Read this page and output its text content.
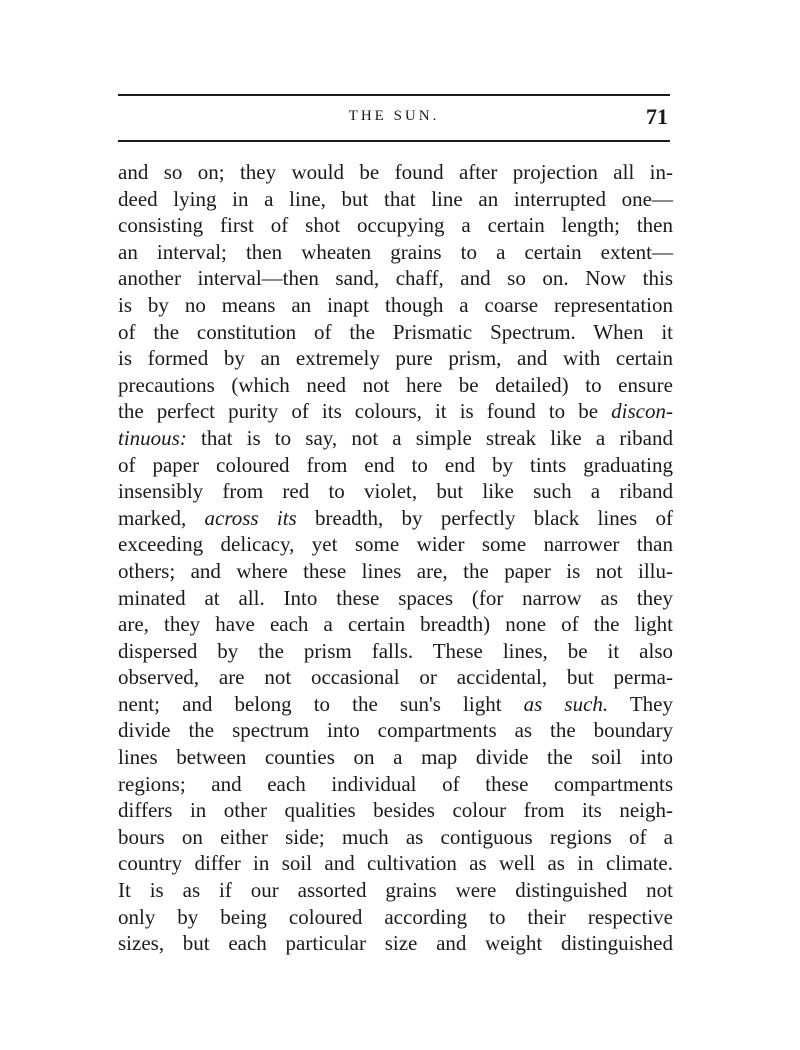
THE SUN.	71
and so on; they would be found after projection all in-
deed lying in a line, but that line an interrupted one—
consisting first of shot occupying a certain length; then
an interval; then wheaten grains to a certain extent—
another interval—then sand, chaff, and so on. Now this
is by no means an inapt though a coarse representation
of the constitution of the Prismatic Spectrum. When it
is formed by an extremely pure prism, and with certain
precautions (which need not here be detailed) to ensure
the perfect purity of its colours, it is found to be discon-
tinuous: that is to say, not a simple streak like a riband
of paper coloured from end to end by tints graduating
insensibly from red to violet, but like such a riband
marked, across its breadth, by perfectly black lines of
exceeding delicacy, yet some wider some narrower than
others; and where these lines are, the paper is not illu-
minated at all. Into these spaces (for narrow as they
are, they have each a certain breadth) none of the light
dispersed by the prism falls. These lines, be it also
observed, are not occasional or accidental, but perma-
nent; and belong to the sun's light as such. They
divide the spectrum into compartments as the boundary
lines between counties on a map divide the soil into
regions; and each individual of these compartments
differs in other qualities besides colour from its neigh-
bours on either side; much as contiguous regions of a
country differ in soil and cultivation as well as in climate.
It is as if our assorted grains were distinguished not
only by being coloured according to their respective
sizes, but each particular size and weight distinguished
